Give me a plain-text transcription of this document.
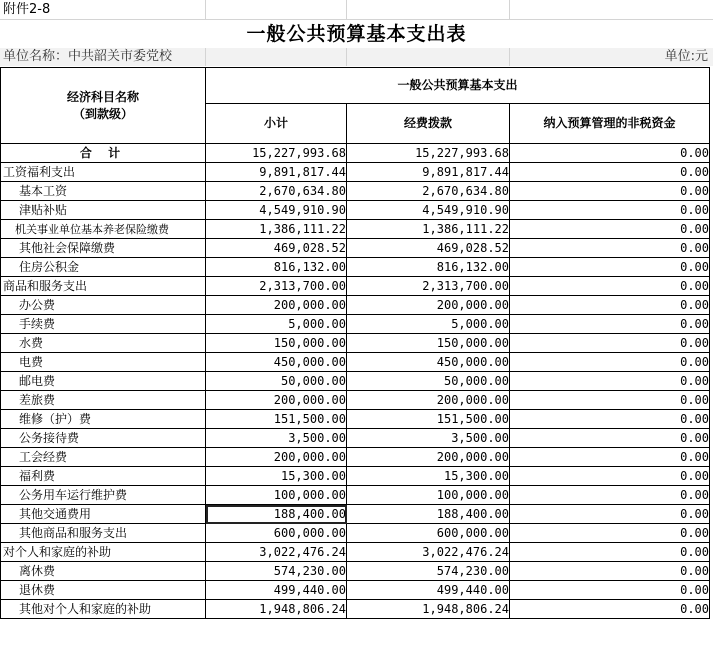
附件2-8
一般公共预算基本支出表
单位名称：中共韶关市委党校	单位:元
经济科目名称
（到款级）	一般公共预算基本支出		
	小计	经费拨款	纳入预算管理的非税资金
合 计	15,227,993.68	15,227,993.68	0.00
工资福利支出	9,891,817.44	9,891,817.44	0.00
基本工资	2,670,634.80	2,670,634.80	0.00
津贴补贴	4,549,910.90	4,549,910.90	0.00
机关事业单位基本养老保险缴费	1,386,111.22	1,386,111.22	0.00
其他社会保障缴费	469,028.52	469,028.52	0.00
住房公积金	816,132.00	816,132.00	0.00
商品和服务支出	2,313,700.00	2,313,700.00	0.00
办公费	200,000.00	200,000.00	0.00
手续费	5,000.00	5,000.00	0.00
水费	150,000.00	150,000.00	0.00
电费	450,000.00	450,000.00	0.00
邮电费	50,000.00	50,000.00	0.00
差旅费	200,000.00	200,000.00	0.00
维修（护）费	151,500.00	151,500.00	0.00
公务接待费	3,500.00	3,500.00	0.00
工会经费	200,000.00	200,000.00	0.00
福利费	15,300.00	15,300.00	0.00
公务用车运行维护费	100,000.00	100,000.00	0.00
其他交通费用	188,400.00	188,400.00	0.00
其他商品和服务支出	600,000.00	600,000.00	0.00
对个人和家庭的补助	3,022,476.24	3,022,476.24	0.00
离休费	574,230.00	574,230.00	0.00
退休费	499,440.00	499,440.00	0.00
其他对个人和家庭的补助	1,948,806.24	1,948,806.24	0.00
